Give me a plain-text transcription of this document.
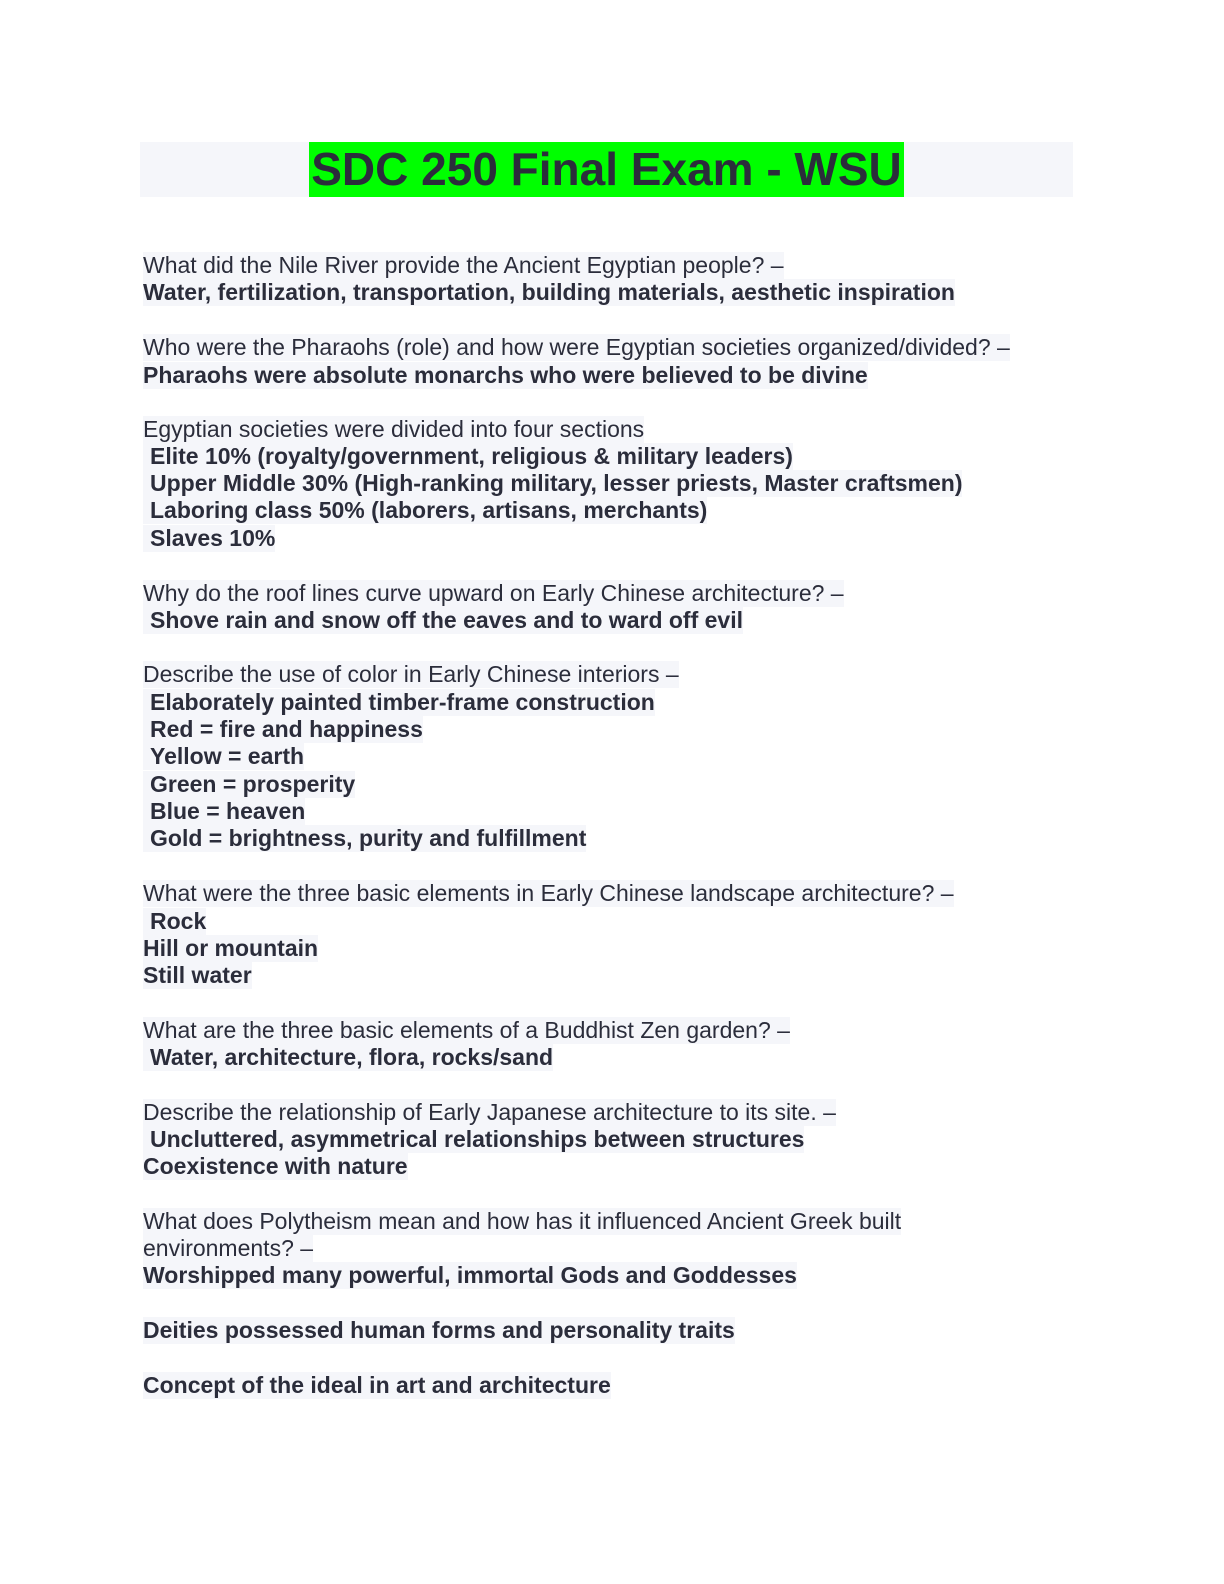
SDC 250 Final Exam - WSU
What did the Nile River provide the Ancient Egyptian people? –
Water, fertilization, transportation, building materials, aesthetic inspiration
Who were the Pharaohs (role) and how were Egyptian societies organized/divided? –
Pharaohs were absolute monarchs who were believed to be divine
Egyptian societies were divided into four sections
Elite 10% (royalty/government, religious & military leaders)
Upper Middle 30% (High-ranking military, lesser priests, Master craftsmen)
Laboring class 50% (laborers, artisans, merchants)
Slaves 10%
Why do the roof lines curve upward on Early Chinese architecture? –
Shove rain and snow off the eaves and to ward off evil
Describe the use of color in Early Chinese interiors –
Elaborately painted timber-frame construction
Red = fire and happiness
Yellow = earth
Green = prosperity
Blue = heaven
Gold = brightness, purity and fulfillment
What were the three basic elements in Early Chinese landscape architecture? –
Rock
Hill or mountain
Still water
What are the three basic elements of a Buddhist Zen garden? –
Water, architecture, flora, rocks/sand
Describe the relationship of Early Japanese architecture to its site. –
Uncluttered, asymmetrical relationships between structures
Coexistence with nature
What does Polytheism mean and how has it influenced Ancient Greek built
environments? –
Worshipped many powerful, immortal Gods and Goddesses
Deities possessed human forms and personality traits
Concept of the ideal in art and architecture
